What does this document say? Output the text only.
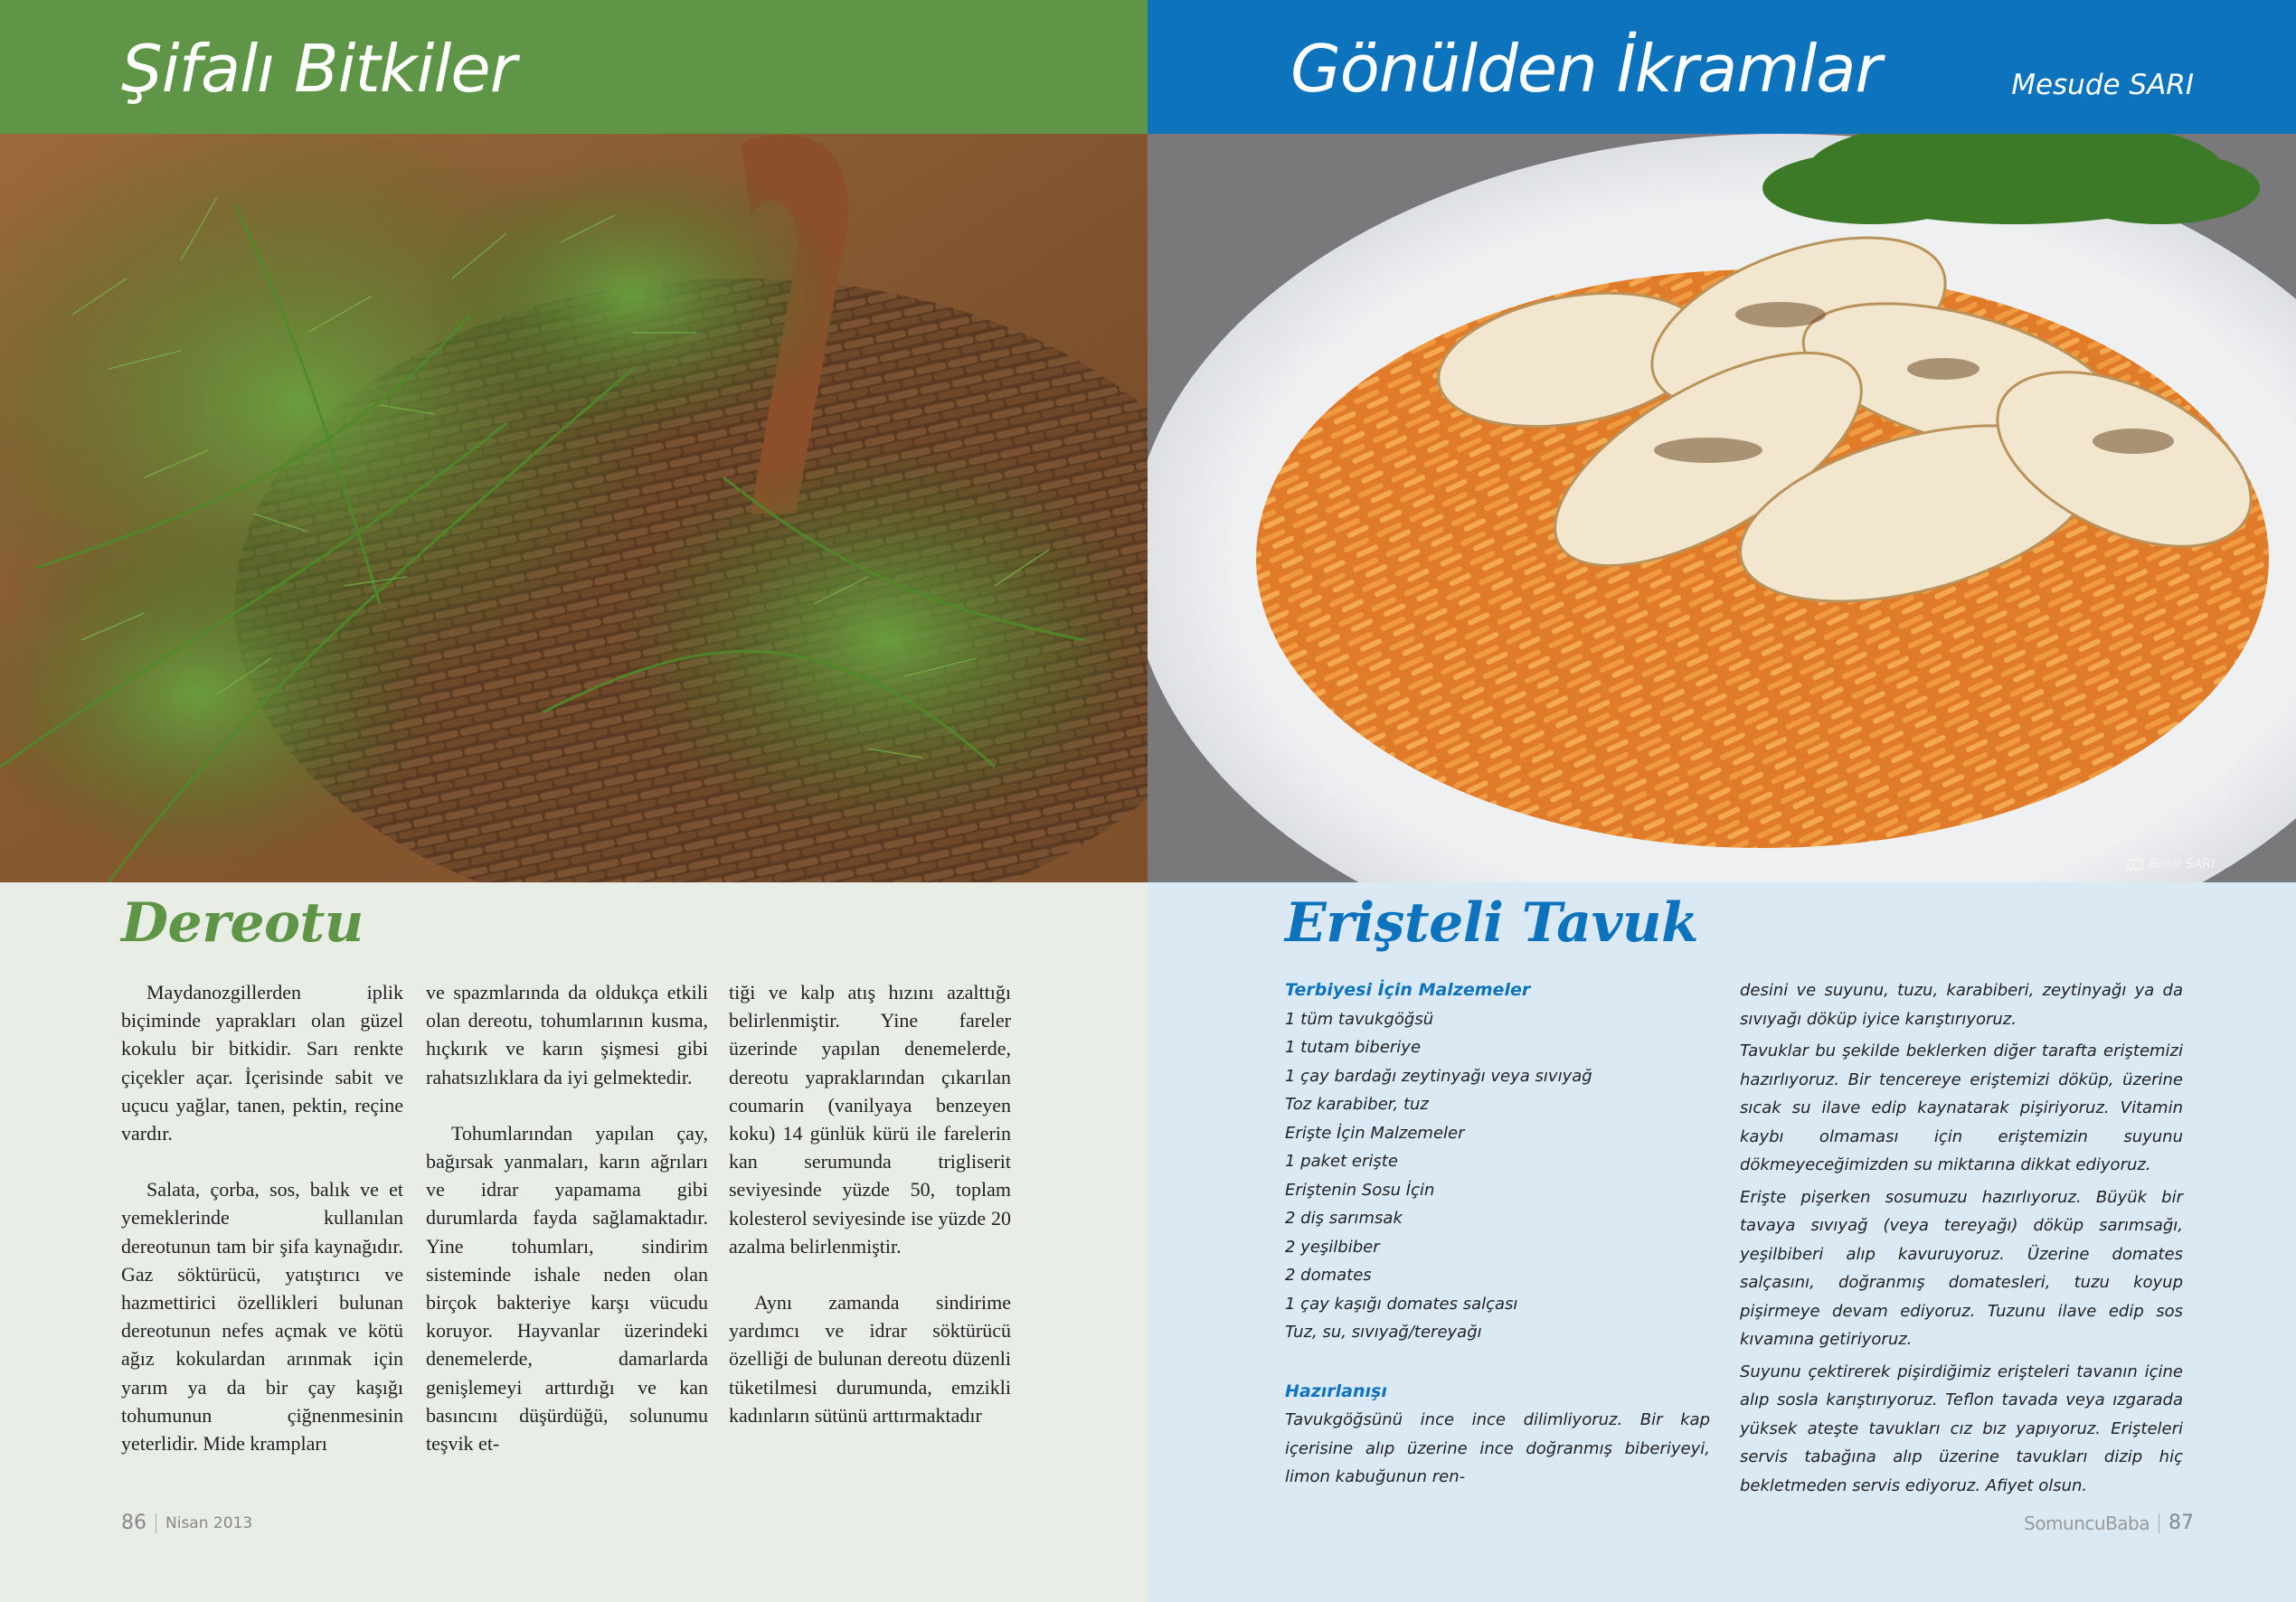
Şifalı Bitkiler
Dereotu

Maydanozgillerden iplik biçiminde yaprakları olan güzel kokulu bir bitkidir. Sarı renkte çiçekler açar. İçerisinde sabit ve uçucu yağlar, tanen, pektin, reçine vardır.

Salata, çorba, sos, balık ve et yemeklerinde kullanılan dereotunun tam bir şifa kaynağıdır. Gaz söktürücü, yatıştırıcı ve hazmettirici özellikleri bulunan dereotunun nefes açmak ve kötü ağız kokulardan arınmak için yarım ya da bir çay kaşığı tohumunun çiğnenmesinin yeterlidir. Mide krampları

ve spazmlarında da oldukça etkili olan dereotu, tohumlarının kusma, hıçkırık ve karın şişmesi gibi rahatsızlıklara da iyi gelmektedir.

Tohumlarından yapılan çay, bağırsak yanmaları, karın ağrıları ve idrar yapamama gibi durumlarda fayda sağlamaktadır. Yine tohumları, sindirim sisteminde ishale neden olan birçok bakteriye karşı vücudu koruyor. Hayvanlar üzerindeki denemelerde, damarlarda genişlemeyi arttırdığı ve kan basıncını düşürdüğü, solunumu teşvik et-

tiği ve kalp atış hızını azalttığı belirlenmiştir. Yine fareler üzerinde yapılan denemelerde, dereotu yapraklarından çıkarılan coumarin (vanilyaya benzeyen koku) 14 günlük kürü ile farelerin kan serumunda trigliserit seviyesinde yüzde 50, toplam kolesterol seviyesinde ise yüzde 20 azalma belirlenmiştir.

Aynı zamanda sindirime yardımcı ve idrar söktürücü özelliği de bulunan dereotu düzenli tüketilmesi durumunda, emzikli kadınların sütünü arttırmaktadır

86 Nisan 2013
Gönülden İkramlar	Mesude SARI
Bekir SARI
Erişteli Tavuk
Terbiyesi İçin Malzemeler
1 tüm tavukgöğsü
1 tutam biberiye
1 çay bardağı zeytinyağı veya sıvıyağ
Toz karabiber, tuz
Erişte İçin Malzemeler
1 paket erişte
Eriştenin Sosu İçin
2 diş sarımsak
2 yeşilbiber
2 domates
1 çay kaşığı domates salçası
Tuz, su, sıvıyağ/tereyağı
Hazırlanışı

Tavukgöğsünü ince ince dilimliyoruz. Bir kap içerisine alıp üzerine ince doğranmış biberiyeyi, limon kabuğunun ren-

desini ve suyunu, tuzu, karabiberi, zeytinyağı ya da sıvıyağı döküp iyice karıştırıyoruz.

Tavuklar bu şekilde beklerken diğer tarafta eriştemizi hazırlıyoruz. Bir tencereye eriştemizi döküp, üzerine sıcak su ilave edip kaynatarak pişiriyoruz. Vitamin kaybı olmaması için eriştemizin suyunu dökmeyeceğimizden su miktarına dikkat ediyoruz.

Erişte pişerken sosumuzu hazırlıyoruz. Büyük bir tavaya sıvıyağ (veya tereyağı) döküp sarımsağı, yeşilbiberi alıp kavuruyoruz. Üzerine domates salçasını, doğranmış domatesleri, tuzu koyup pişirmeye devam ediyoruz. Tuzunu ilave edip sos kıvamına getiriyoruz.

Suyunu çektirerek pişirdiğimiz erişteleri tavanın içine alıp sosla karıştırıyoruz. Teflon tavada veya ızgarada yüksek ateşte tavukları cız bız yapıyoruz. Erişteleri servis tabağına alıp üzerine tavukları dizip hiç bekletmeden servis ediyoruz. Afiyet olsun.

SomuncuBaba 87
